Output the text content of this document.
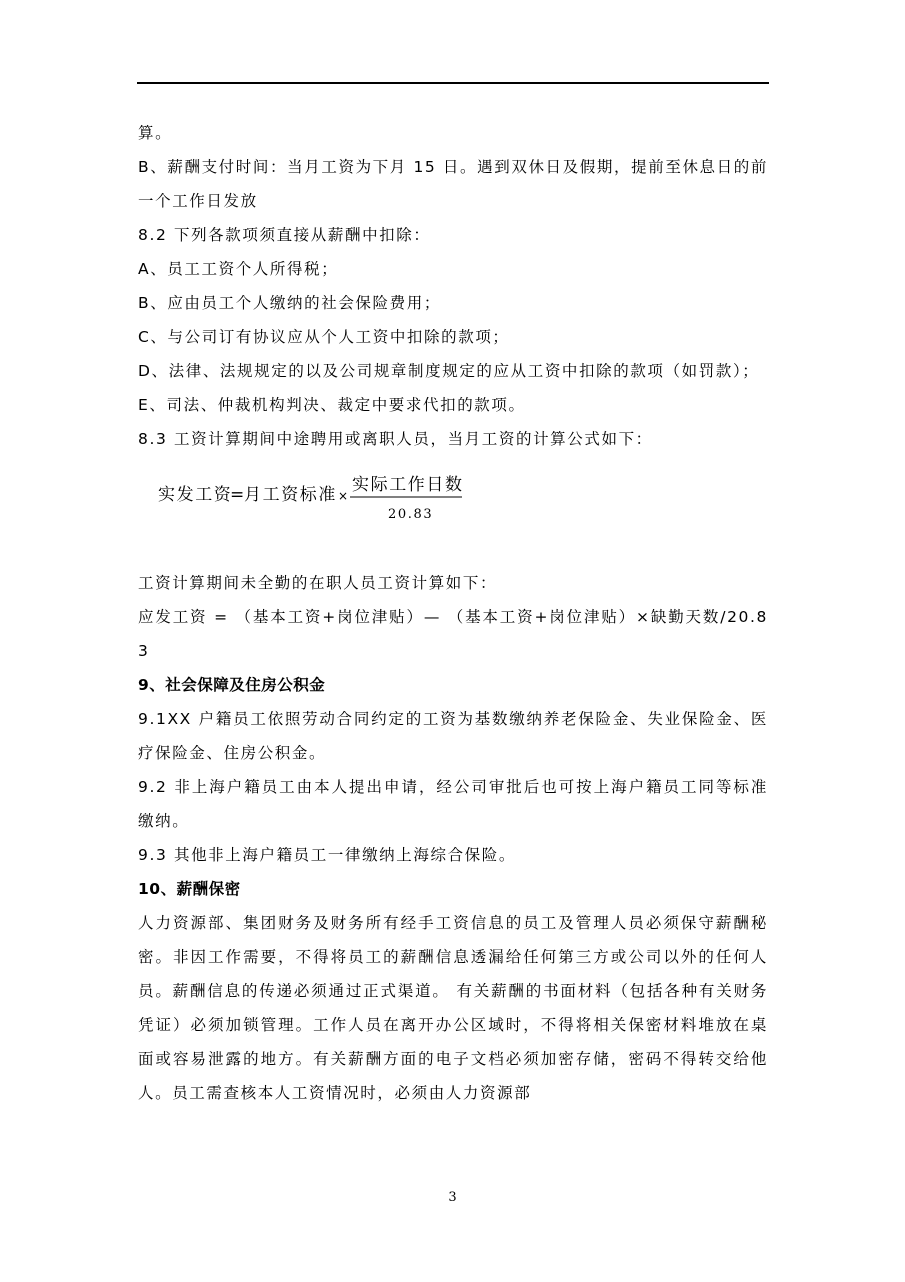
算。

B、薪酬支付时间：当月工资为下月 15 日。遇到双休日及假期，提前至休息日的前一个工作日发放

8.2 下列各款项须直接从薪酬中扣除：

A、员工工资个人所得税；

B、应由员工个人缴纳的社会保险费用；

C、与公司订有协议应从个人工资中扣除的款项；

D、法律、法规规定的以及公司规章制度规定的应从工资中扣除的款项（如罚款）；

E、司法、仲裁机构判决、裁定中要求代扣的款项。

8.3 工资计算期间中途聘用或离职人员，当月工资的计算公式如下：

实发工资
=
月工资标准 ×
实际工作日数
20.83

工资计算期间未全勤的在职人员工资计算如下：

应发工资 = （基本工资+岗位津贴）— （基本工资+岗位津贴）×缺勤天数/20.83

9、社会保障及住房公积金

9.1XX 户籍员工依照劳动合同约定的工资为基数缴纳养老保险金、失业保险金、医疗保险金、住房公积金。

9.2 非上海户籍员工由本人提出申请，经公司审批后也可按上海户籍员工同等标准缴纳。

9.3 其他非上海户籍员工一律缴纳上海综合保险。

10、薪酬保密

人力资源部、集团财务及财务所有经手工资信息的员工及管理人员必须保守薪酬秘密。非因工作需要，不得将员工的薪酬信息透漏给任何第三方或公司以外的任何人员。薪酬信息的传递必须通过正式渠道。 有关薪酬的书面材料（包括各种有关财务凭证）必须加锁管理。工作人员在离开办公区域时，不得将相关保密材料堆放在桌面或容易泄露的地方。有关薪酬方面的电子文档必须加密存储，密码不得转交给他人。员工需查核本人工资情况时，必须由人力资源部

3
